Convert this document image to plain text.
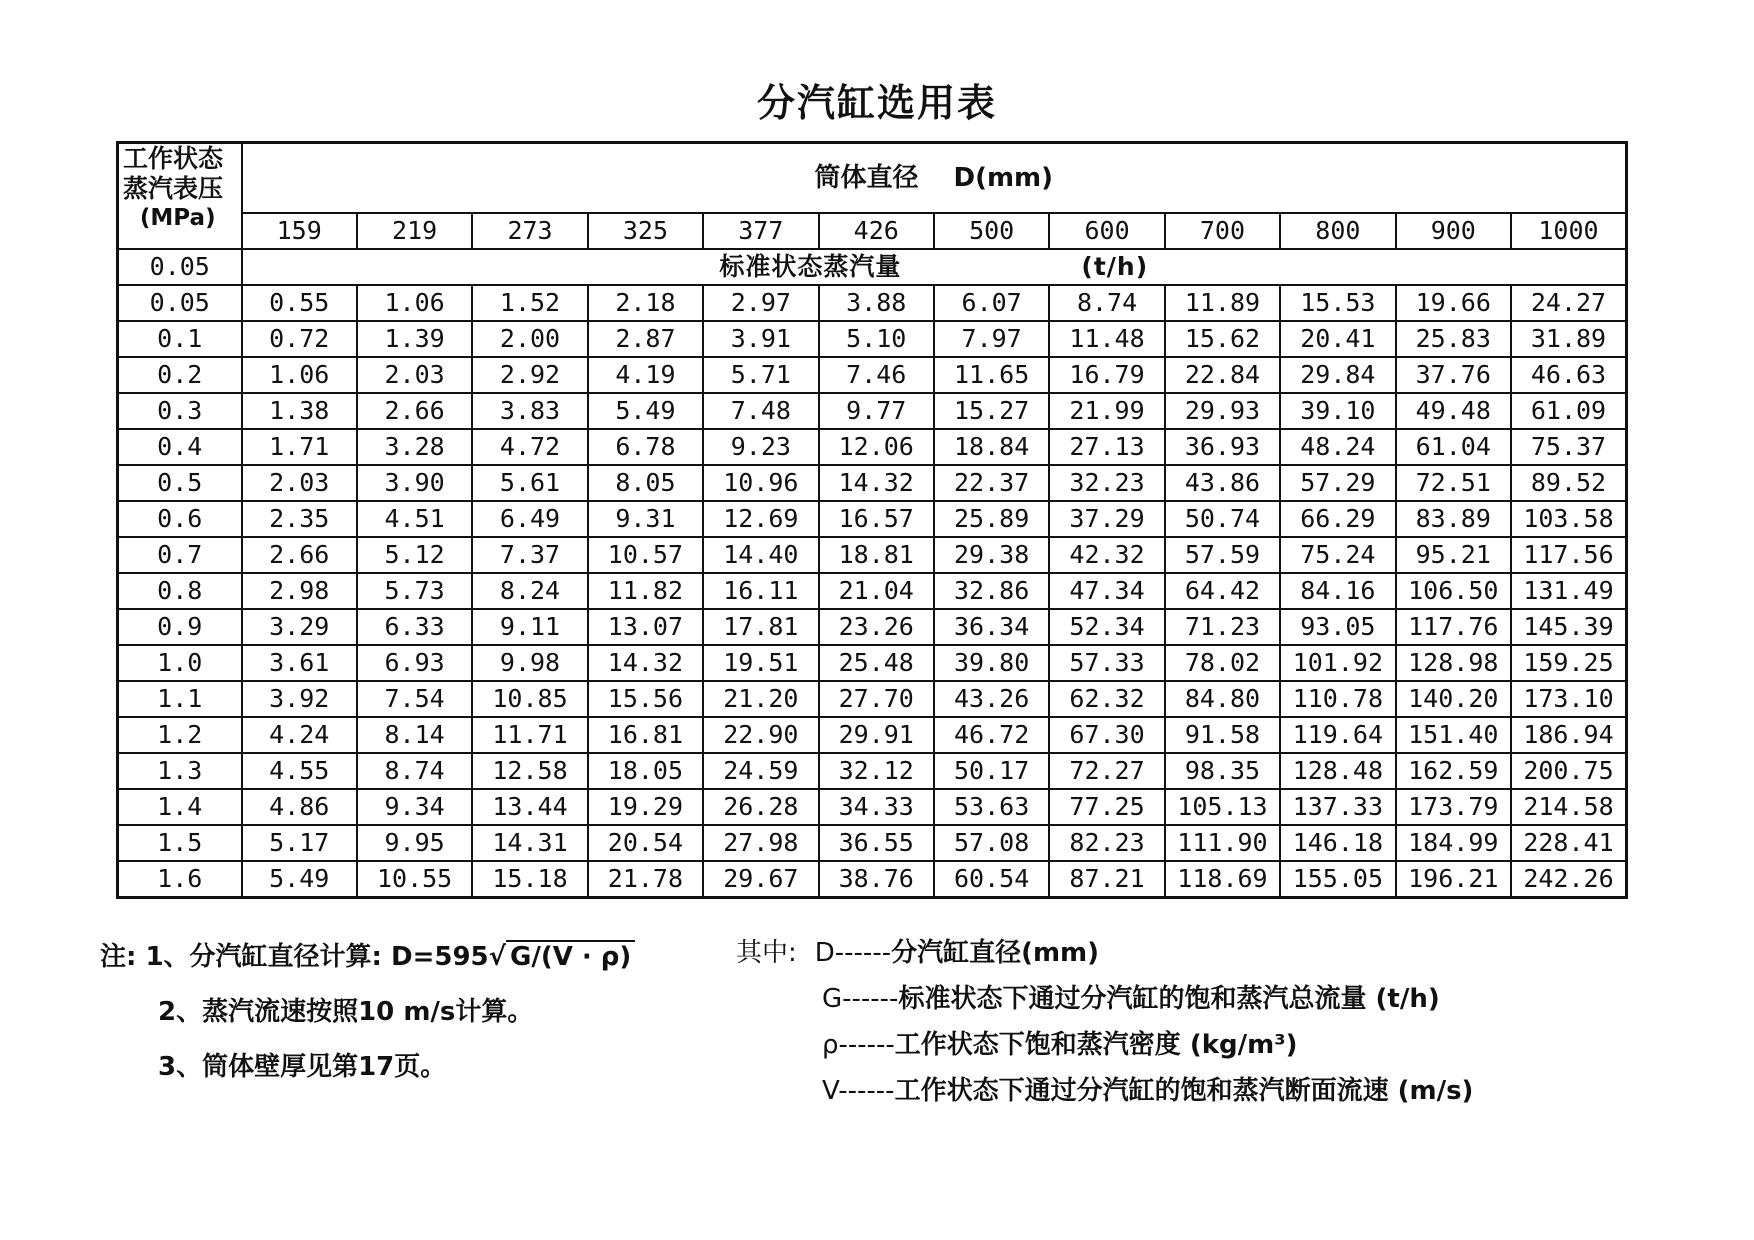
分汽缸选用表
工作状态
蒸汽表压
(MPa)	筒体直径　 D(mm)											
	159	219	273	325	377	426	500	600	700	800	900	1000
0.05	标准状态蒸汽量 (t/h)											
0.05	0.55	1.06	1.52	2.18	2.97	3.88	6.07	8.74	11.89	15.53	19.66	24.27
0.1	0.72	1.39	2.00	2.87	3.91	5.10	7.97	11.48	15.62	20.41	25.83	31.89
0.2	1.06	2.03	2.92	4.19	5.71	7.46	11.65	16.79	22.84	29.84	37.76	46.63
0.3	1.38	2.66	3.83	5.49	7.48	9.77	15.27	21.99	29.93	39.10	49.48	61.09
0.4	1.71	3.28	4.72	6.78	9.23	12.06	18.84	27.13	36.93	48.24	61.04	75.37
0.5	2.03	3.90	5.61	8.05	10.96	14.32	22.37	32.23	43.86	57.29	72.51	89.52
0.6	2.35	4.51	6.49	9.31	12.69	16.57	25.89	37.29	50.74	66.29	83.89	103.58
0.7	2.66	5.12	7.37	10.57	14.40	18.81	29.38	42.32	57.59	75.24	95.21	117.56
0.8	2.98	5.73	8.24	11.82	16.11	21.04	32.86	47.34	64.42	84.16	106.50	131.49
0.9	3.29	6.33	9.11	13.07	17.81	23.26	36.34	52.34	71.23	93.05	117.76	145.39
1.0	3.61	6.93	9.98	14.32	19.51	25.48	39.80	57.33	78.02	101.92	128.98	159.25
1.1	3.92	7.54	10.85	15.56	21.20	27.70	43.26	62.32	84.80	110.78	140.20	173.10
1.2	4.24	8.14	11.71	16.81	22.90	29.91	46.72	67.30	91.58	119.64	151.40	186.94
1.3	4.55	8.74	12.58	18.05	24.59	32.12	50.17	72.27	98.35	128.48	162.59	200.75
1.4	4.86	9.34	13.44	19.29	26.28	34.33	53.63	77.25	105.13	137.33	173.79	214.58
1.5	5.17	9.95	14.31	20.54	27.98	36.55	57.08	82.23	111.90	146.18	184.99	228.41
1.6	5.49	10.55	15.18	21.78	29.67	38.76	60.54	87.21	118.69	155.05	196.21	242.26
注: 1、分汽缸直径计算: D=595√ G/(V · ρ)
2、蒸汽流速按照10 m/s计算。
3、筒体壁厚见第17页。
其中: D------分汽缸直径(mm)
G------标准状态下通过分汽缸的饱和蒸汽总流量 (t/h)
ρ------工作状态下饱和蒸汽密度 (kg/m³)
V------工作状态下通过分汽缸的饱和蒸汽断面流速 (m/s)
